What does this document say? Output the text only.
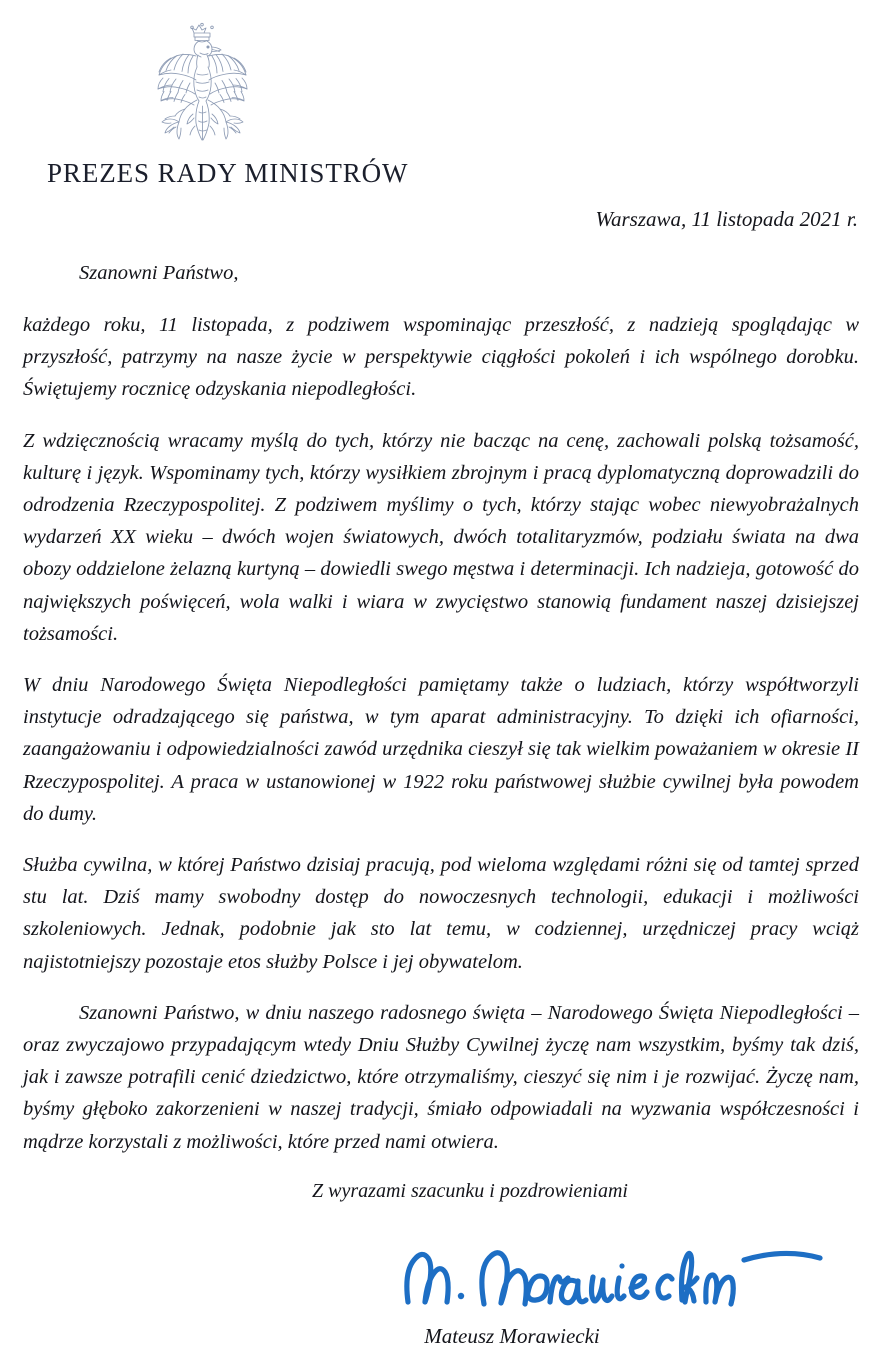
PREZES RADY MINISTRÓW
Warszawa, 11 listopada 2021 r.
Szanowni Państwo,

każdego roku, 11 listopada, z podziwem wspominając przeszłość, z nadzieją spoglądając w przyszłość, patrzymy na nasze życie w perspektywie ciągłości pokoleń i ich wspólnego dorobku. Świętujemy rocznicę odzyskania niepodległości.

Z wdzięcznością wracamy myślą do tych, którzy nie bacząc na cenę, zachowali polską tożsamość, kulturę i język. Wspominamy tych, którzy wysiłkiem zbrojnym i pracą dyplomatyczną doprowadzili do odrodzenia Rzeczypospolitej. Z podziwem myślimy o tych, którzy stając wobec niewyobrażalnych wydarzeń XX wieku – dwóch wojen światowych, dwóch totalitaryzmów, podziału świata na dwa obozy oddzielone żelazną kurtyną – dowiedli swego męstwa i determinacji. Ich nadzieja, gotowość do największych poświęceń, wola walki i wiara w zwycięstwo stanowią fundament naszej dzisiejszej tożsamości.

W dniu Narodowego Święta Niepodległości pamiętamy także o ludziach, którzy współtworzyli instytucje odradzającego się państwa, w tym aparat administracyjny. To dzięki ich ofiarności, zaangażowaniu i odpowiedzialności zawód urzędnika cieszył się tak wielkim poważaniem w okresie II Rzeczypospolitej. A praca w ustanowionej w 1922 roku państwowej służbie cywilnej była powodem do dumy.

Służba cywilna, w której Państwo dzisiaj pracują, pod wieloma względami różni się od tamtej sprzed stu lat. Dziś mamy swobodny dostęp do nowoczesnych technologii, edukacji i możliwości szkoleniowych. Jednak, podobnie jak sto lat temu, w codziennej, urzędniczej pracy wciąż najistotniejszy pozostaje etos służby Polsce i jej obywatelom.

Szanowni Państwo, w dniu naszego radosnego święta – Narodowego Święta Niepodległości – oraz zwyczajowo przypadającym wtedy Dniu Służby Cywilnej życzę nam wszystkim, byśmy tak dziś, jak i zawsze potrafili cenić dziedzictwo, które otrzymaliśmy, cieszyć się nim i je rozwijać. Życzę nam, byśmy głęboko zakorzenieni w naszej tradycji, śmiało odpowiadali na wyzwania współczesności i mądrze korzystali z możliwości, które przed nami otwiera.

Z wyrazami szacunku i pozdrowieniami
Mateusz Morawiecki
